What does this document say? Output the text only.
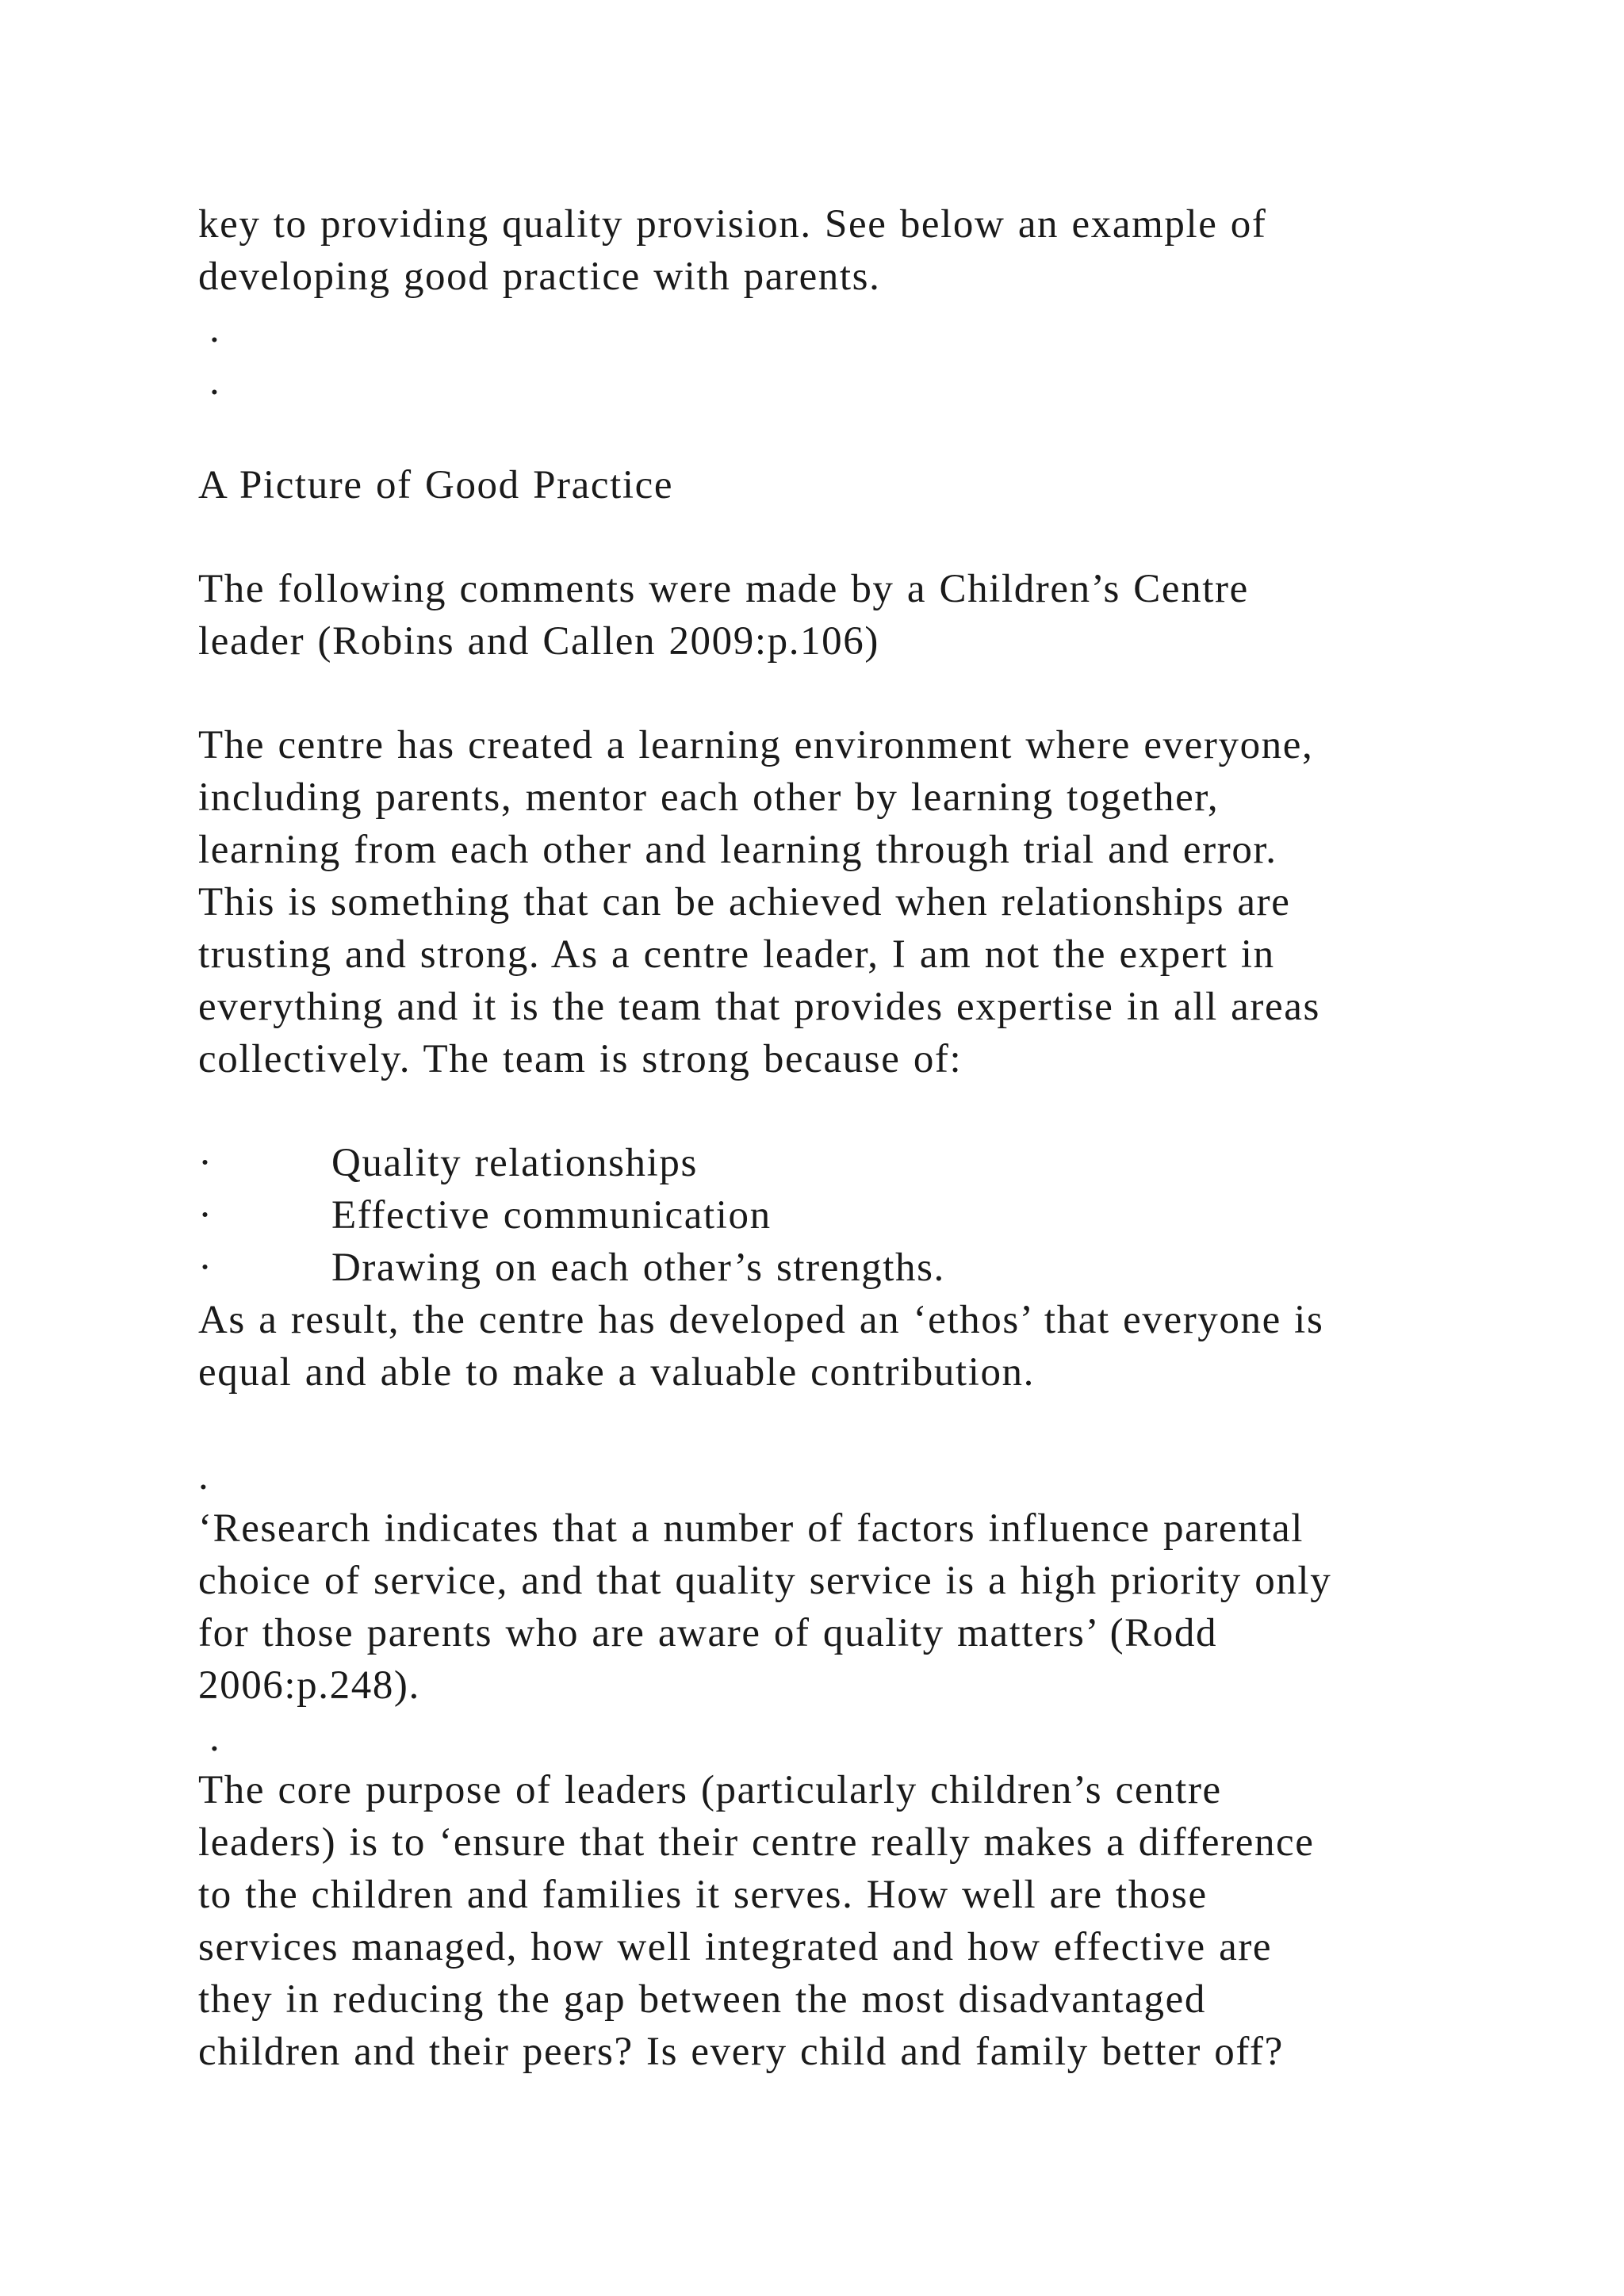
key to providing quality provision. See below an example of
developing good practice with parents.
.
.
A Picture of Good Practice
The following comments were made by a Children’s Centre
leader (Robins and Callen 2009:p.106)
The centre has created a learning environment where everyone,
including parents, mentor each other by learning together,
learning from each other and learning through trial and error.
This is something that can be achieved when relationships are
trusting and strong. As a centre leader, I am not the expert in
everything and it is the team that provides expertise in all areas
collectively. The team is strong because of:
·	Quality relationships
·	Effective communication
·	Drawing on each other’s strengths.
As a result, the centre has developed an ‘ethos’ that everyone is
equal and able to make a valuable contribution.
.
‘Research indicates that a number of factors influence parental
choice of service, and that quality service is a high priority only
for those parents who are aware of quality matters’ (Rodd
2006:p.248).
.
The core purpose of leaders (particularly children’s centre
leaders) is to ‘ensure that their centre really makes a difference
to the children and families it serves. How well are those
services managed, how well integrated and how effective are
they in reducing the gap between the most disadvantaged
children and their peers? Is every child and family better off?
